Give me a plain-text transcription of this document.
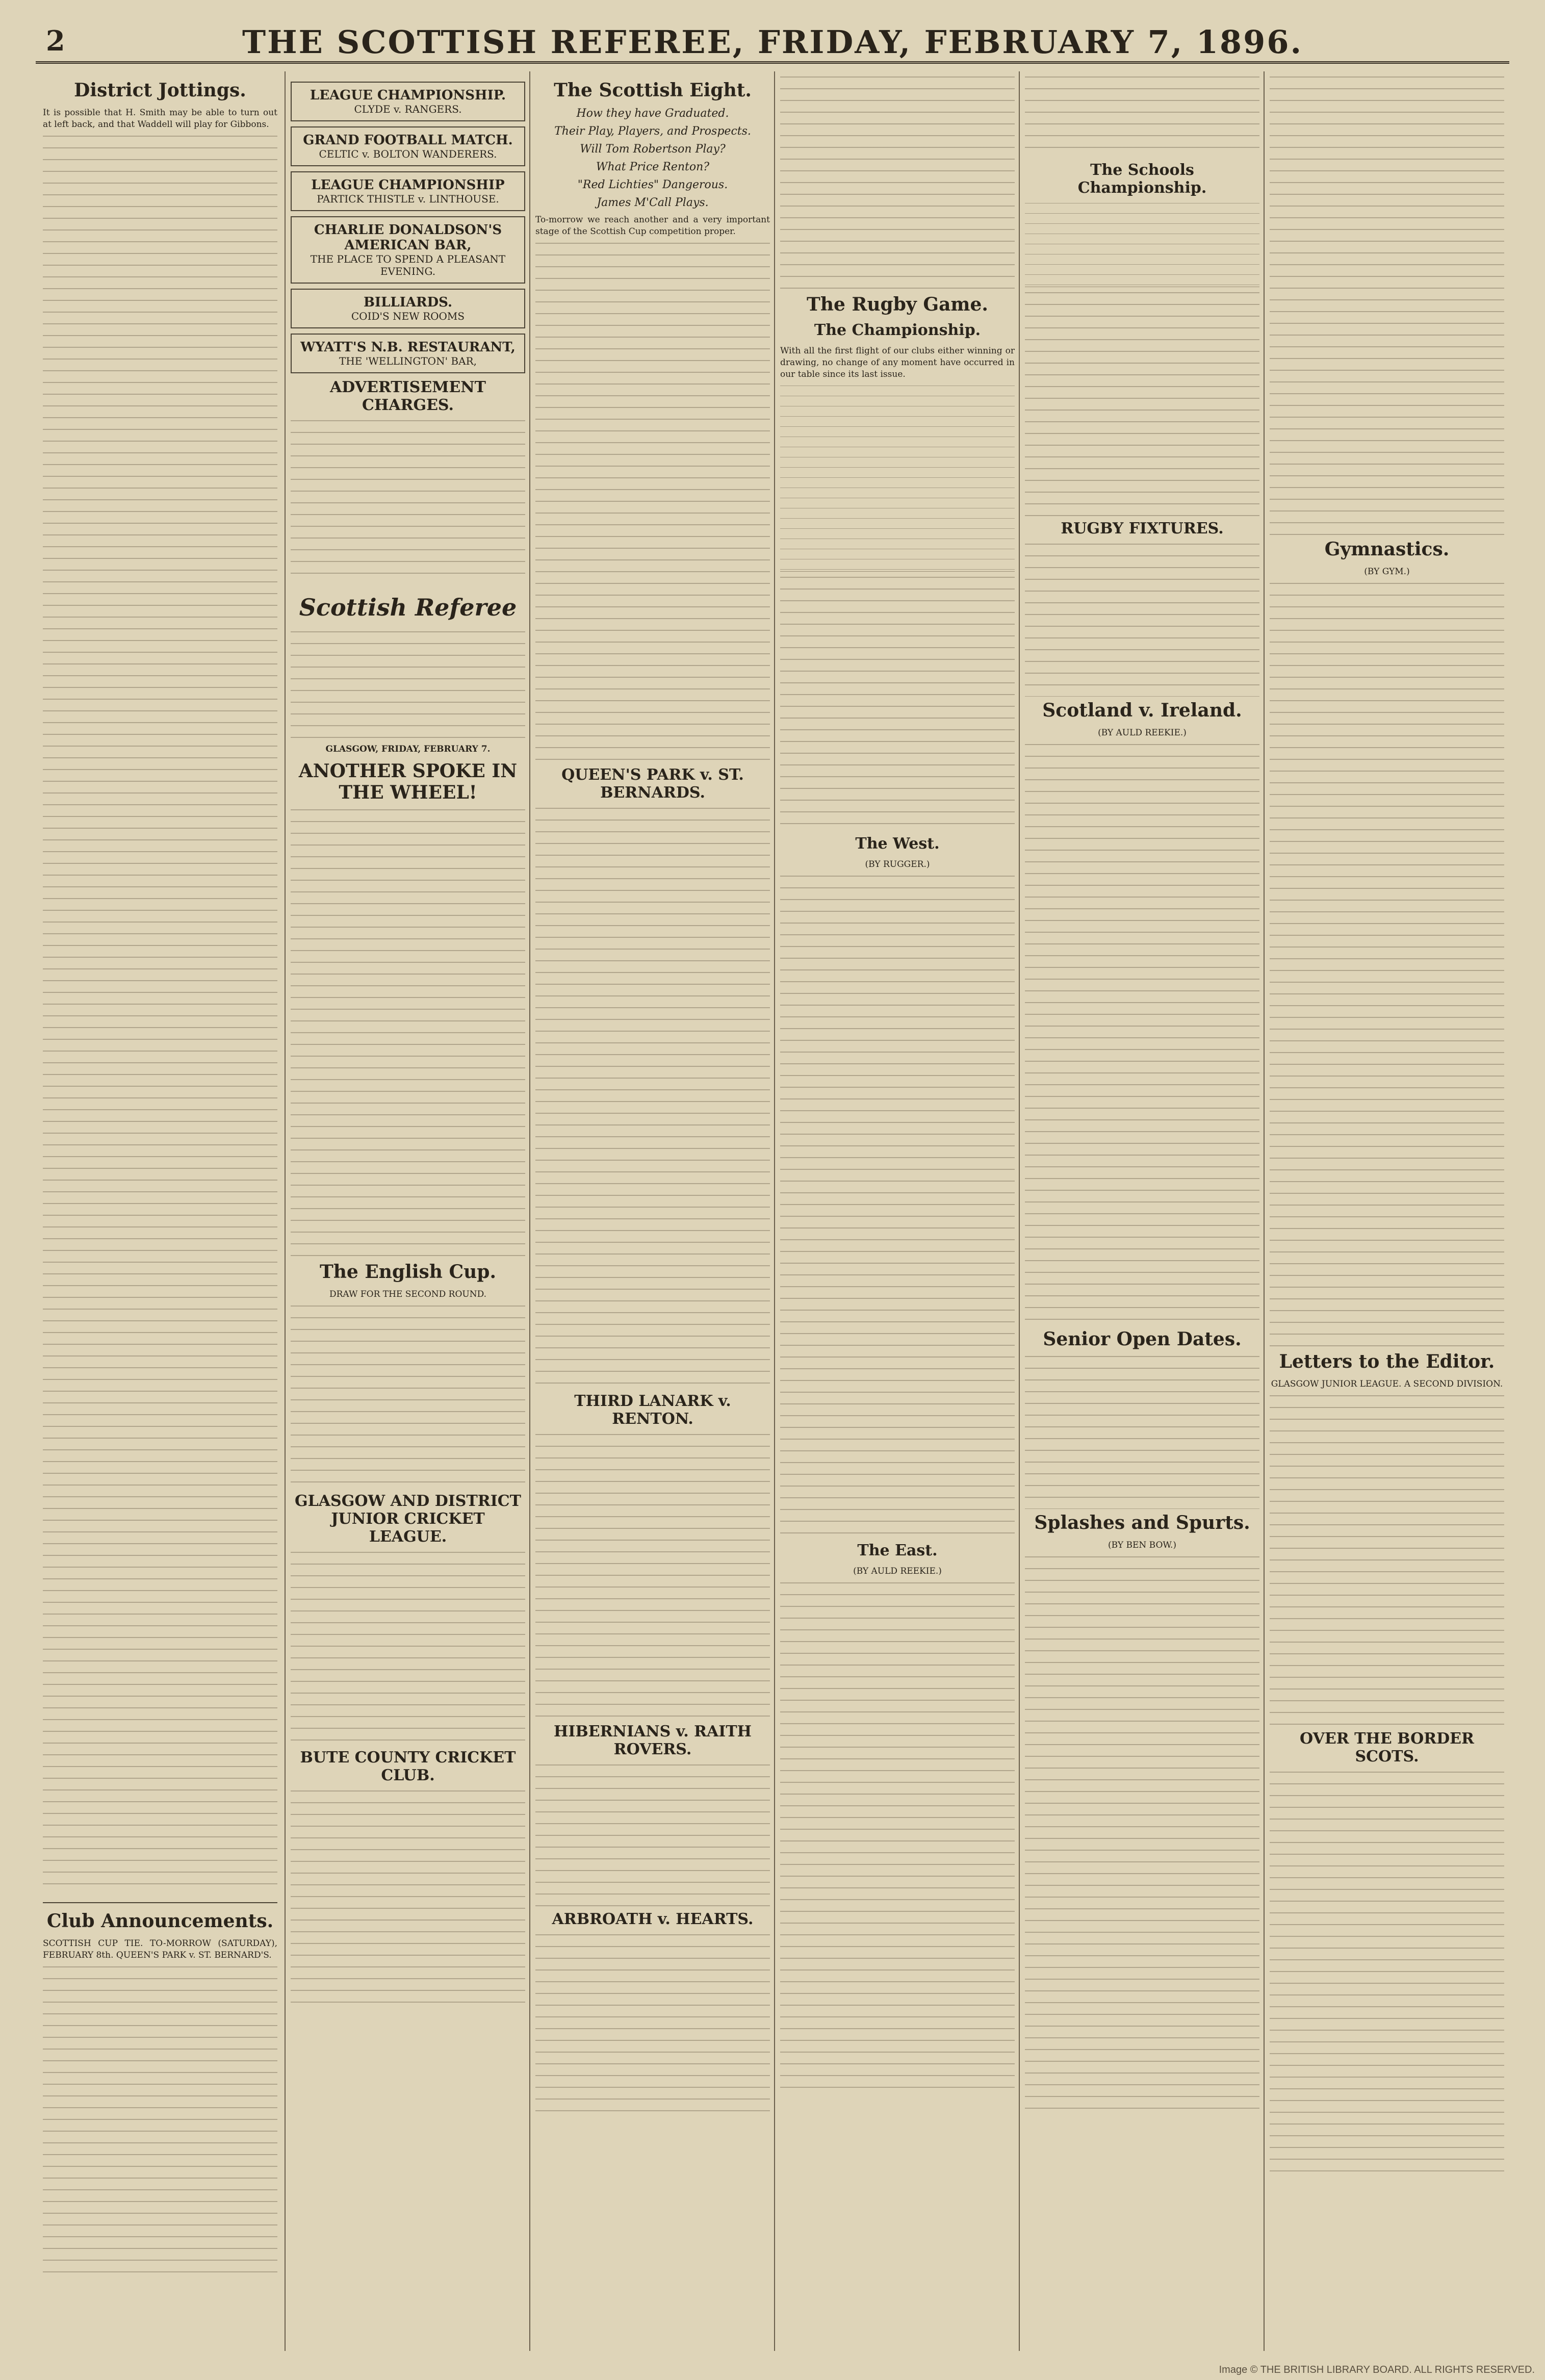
2	THE SCOTTISH REFEREE, FRIDAY, FEBRUARY 7, 1896.
District Jottings.

It is possible that H. Smith may be able to turn out at left back, and that Waddell will play for Gibbons.

Club Announcements.

SCOTTISH CUP TIE. TO-MORROW (SATURDAY), FEBRUARY 8th. QUEEN'S PARK v. ST. BERNARD'S.

LEAGUE CHAMPIONSHIP.
CLYDE v. RANGERS.
GRAND FOOTBALL MATCH.
CELTIC v. BOLTON WANDERERS.
LEAGUE CHAMPIONSHIP
PARTICK THISTLE v. LINTHOUSE.
CHARLIE DONALDSON'S AMERICAN BAR,
THE PLACE TO SPEND A PLEASANT EVENING.
BILLIARDS.
COID'S NEW ROOMS
WYATT'S N.B. RESTAURANT,
THE 'WELLINGTON' BAR,
ADVERTISEMENT CHARGES.
Scottish Referee

GLASGOW, FRIDAY, FEBRUARY 7.

ANOTHER SPOKE IN THE WHEEL!
The English Cup.

DRAW FOR THE SECOND ROUND.

GLASGOW AND DISTRICT JUNIOR CRICKET LEAGUE.
BUTE COUNTY CRICKET CLUB.
The Scottish Eight.
How they have Graduated.
Their Play, Players, and Prospects.
Will Tom Robertson Play?
What Price Renton?
"Red Lichties" Dangerous.
James M'Call Plays.

To-morrow we reach another and a very important stage of the Scottish Cup competition proper.

QUEEN'S PARK v. ST. BERNARDS.
THIRD LANARK v. RENTON.
HIBERNIANS v. RAITH ROVERS.
ARBROATH v. HEARTS.
The Rugby Game.
The Championship.

With all the first flight of our clubs either winning or drawing, no change of any moment have occurred in our table since its last issue.

The West.

(BY RUGGER.)

The East.

(BY AULD REEKIE.)

The Schools Championship.
RUGBY FIXTURES.
Scotland v. Ireland.

(BY AULD REEKIE.)

Senior Open Dates.
Splashes and Spurts.

(BY BEN BOW.)

Gymnastics.

(BY GYM.)

Letters to the Editor.

GLASGOW JUNIOR LEAGUE. A SECOND DIVISION.

OVER THE BORDER SCOTS.
Image © THE BRITISH LIBRARY BOARD. ALL RIGHTS RESERVED.
